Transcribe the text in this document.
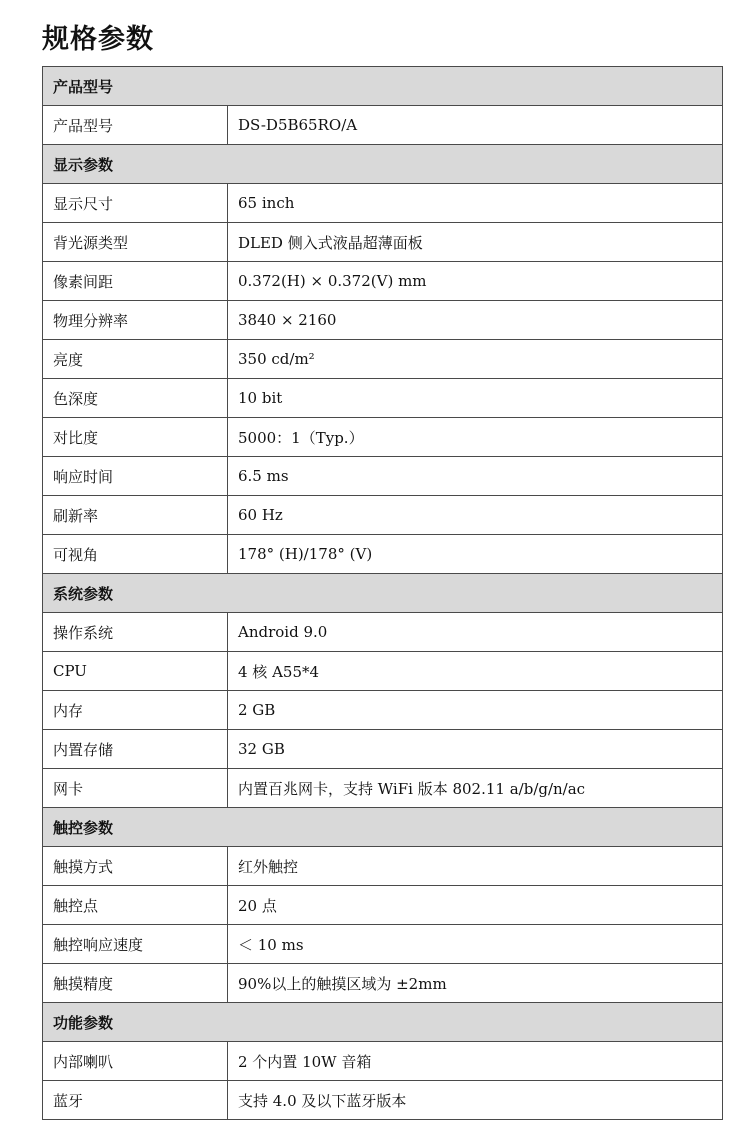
规格参数
产品型号	
产品型号	DS-D5B65RO/A
显示参数	
显示尺寸	65 inch
背光源类型	DLED 侧入式液晶超薄面板
像素间距	0.372(H) × 0.372(V) mm
物理分辨率	3840 × 2160
亮度	350 cd/m²
色深度	10 bit
对比度	5000：1（Typ.）
响应时间	6.5 ms
刷新率	60 Hz
可视角	178° (H)/178° (V)
系统参数	
操作系统	Android 9.0
CPU	4 核 A55*4
内存	2 GB
内置存储	32 GB
网卡	内置百兆网卡，支持 WiFi 版本 802.11 a/b/g/n/ac
触控参数	
触摸方式	红外触控
触控点	20 点
触控响应速度	＜ 10 ms
触摸精度	90%以上的触摸区域为 ±2mm
功能参数	
内部喇叭	2 个内置 10W 音箱
蓝牙	支持 4.0 及以下蓝牙版本
